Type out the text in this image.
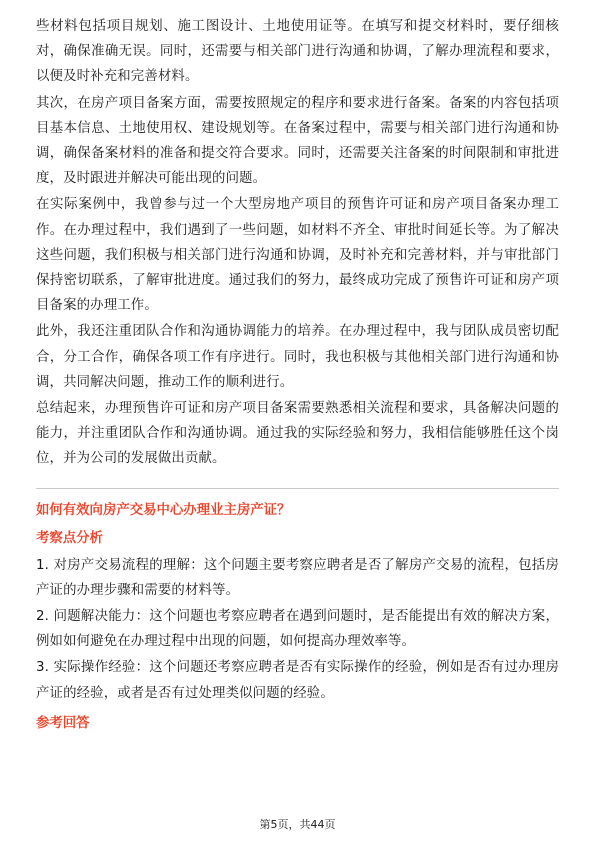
些材料包括项目规划、施工图设计、土地使用证等。在填写和提交材料时，要仔细核对，确保准确无误。同时，还需要与相关部门进行沟通和协调，了解办理流程和要求，以便及时补充和完善材料。

其次，在房产项目备案方面，需要按照规定的程序和要求进行备案。备案的内容包括项目基本信息、土地使用权、建设规划等。在备案过程中，需要与相关部门进行沟通和协调，确保备案材料的准备和提交符合要求。同时，还需要关注备案的时间限制和审批进度，及时跟进并解决可能出现的问题。

在实际案例中，我曾参与过一个大型房地产项目的预售许可证和房产项目备案办理工作。在办理过程中，我们遇到了一些问题，如材料不齐全、审批时间延长等。为了解决这些问题，我们积极与相关部门进行沟通和协调，及时补充和完善材料，并与审批部门保持密切联系，了解审批进度。通过我们的努力，最终成功完成了预售许可证和房产项目备案的办理工作。

此外，我还注重团队合作和沟通协调能力的培养。在办理过程中，我与团队成员密切配合，分工合作，确保各项工作有序进行。同时，我也积极与其他相关部门进行沟通和协调，共同解决问题，推动工作的顺利进行。

总结起来，办理预售许可证和房产项目备案需要熟悉相关流程和要求，具备解决问题的能力，并注重团队合作和沟通协调。通过我的实际经验和努力，我相信能够胜任这个岗位，并为公司的发展做出贡献。

如何有效向房产交易中心办理业主房产证？
考察点分析

1. 对房产交易流程的理解：这个问题主要考察应聘者是否了解房产交易的流程，包括房产证的办理步骤和需要的材料等。

2. 问题解决能力：这个问题也考察应聘者在遇到问题时，是否能提出有效的解决方案，例如如何避免在办理过程中出现的问题，如何提高办理效率等。

3. 实际操作经验：这个问题还考察应聘者是否有实际操作的经验，例如是否有过办理房产证的经验，或者是否有过处理类似问题的经验。

参考回答
第5页，共44页
